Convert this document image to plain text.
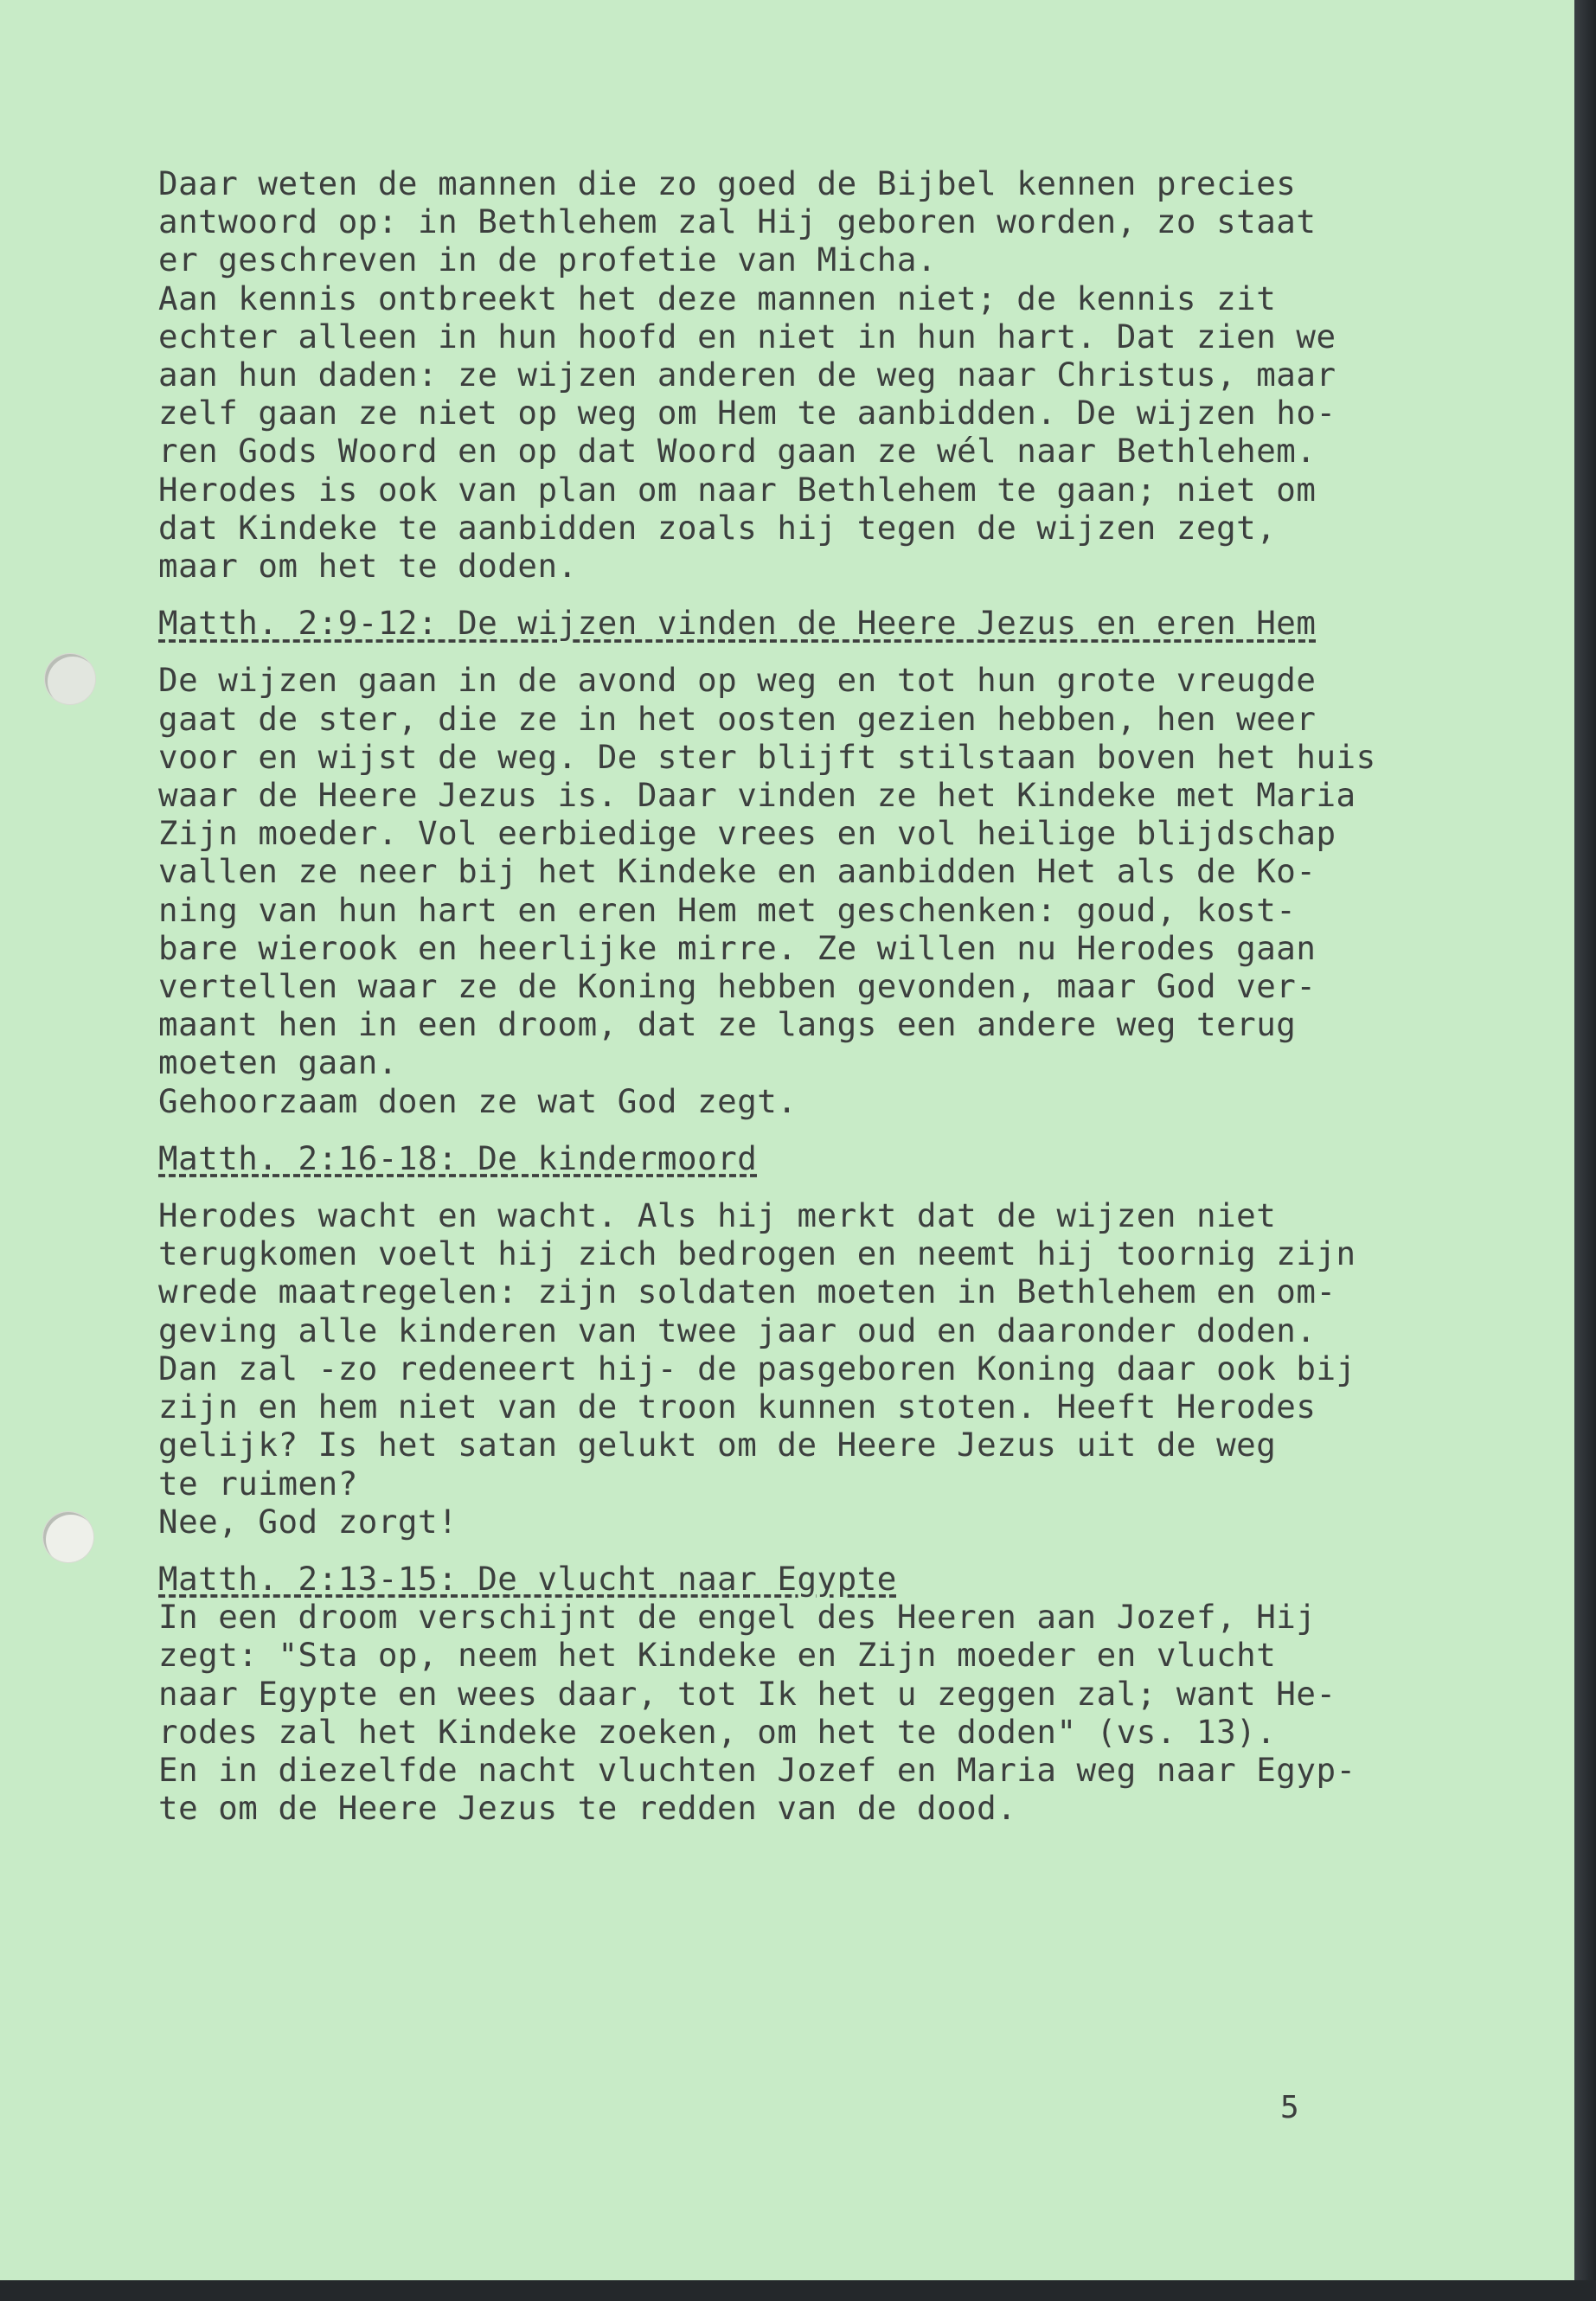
Daar weten de mannen die zo goed de Bijbel kennen precies
antwoord op: in Bethlehem zal Hij geboren worden, zo staat
er geschreven in de profetie van Micha.
Aan kennis ontbreekt het deze mannen niet; de kennis zit
echter alleen in hun hoofd en niet in hun hart. Dat zien we
aan hun daden: ze wijzen anderen de weg naar Christus, maar
zelf gaan ze niet op weg om Hem te aanbidden. De wijzen ho-
ren Gods Woord en op dat Woord gaan ze wél naar Bethlehem.
Herodes is ook van plan om naar Bethlehem te gaan; niet om
dat Kindeke te aanbidden zoals hij tegen de wijzen zegt,
maar om het te doden.
Matth. 2:9-12: De wijzen vinden de Heere Jezus en eren Hem
De wijzen gaan in de avond op weg en tot hun grote vreugde
gaat de ster, die ze in het oosten gezien hebben, hen weer
voor en wijst de weg. De ster blijft stilstaan boven het huis
waar de Heere Jezus is. Daar vinden ze het Kindeke met Maria
Zijn moeder. Vol eerbiedige vrees en vol heilige blijdschap
vallen ze neer bij het Kindeke en aanbidden Het als de Ko-
ning van hun hart en eren Hem met geschenken: goud, kost-
bare wierook en heerlijke mirre. Ze willen nu Herodes gaan
vertellen waar ze de Koning hebben gevonden, maar God ver-
maant hen in een droom, dat ze langs een andere weg terug
moeten gaan.
Gehoorzaam doen ze wat God zegt.
Matth. 2:16-18: De kindermoord
Herodes wacht en wacht. Als hij merkt dat de wijzen niet
terugkomen voelt hij zich bedrogen en neemt hij toornig zijn
wrede maatregelen: zijn soldaten moeten in Bethlehem en om-
geving alle kinderen van twee jaar oud en daaronder doden.
Dan zal -zo redeneert hij- de pasgeboren Koning daar ook bij
zijn en hem niet van de troon kunnen stoten. Heeft Herodes
gelijk? Is het satan gelukt om de Heere Jezus uit de weg
te ruimen?
Nee, God zorgt!
Matth. 2:13-15: De vlucht naar Egypte
In een droom verschijnt de engel des Heeren aan Jozef, Hij
zegt: "Sta op, neem het Kindeke en Zijn moeder en vlucht
naar Egypte en wees daar, tot Ik het u zeggen zal; want He-
rodes zal het Kindeke zoeken, om het te doden" (vs. 13).
En in diezelfde nacht vluchten Jozef en Maria weg naar Egyp-
te om de Heere Jezus te redden van de dood.
5
